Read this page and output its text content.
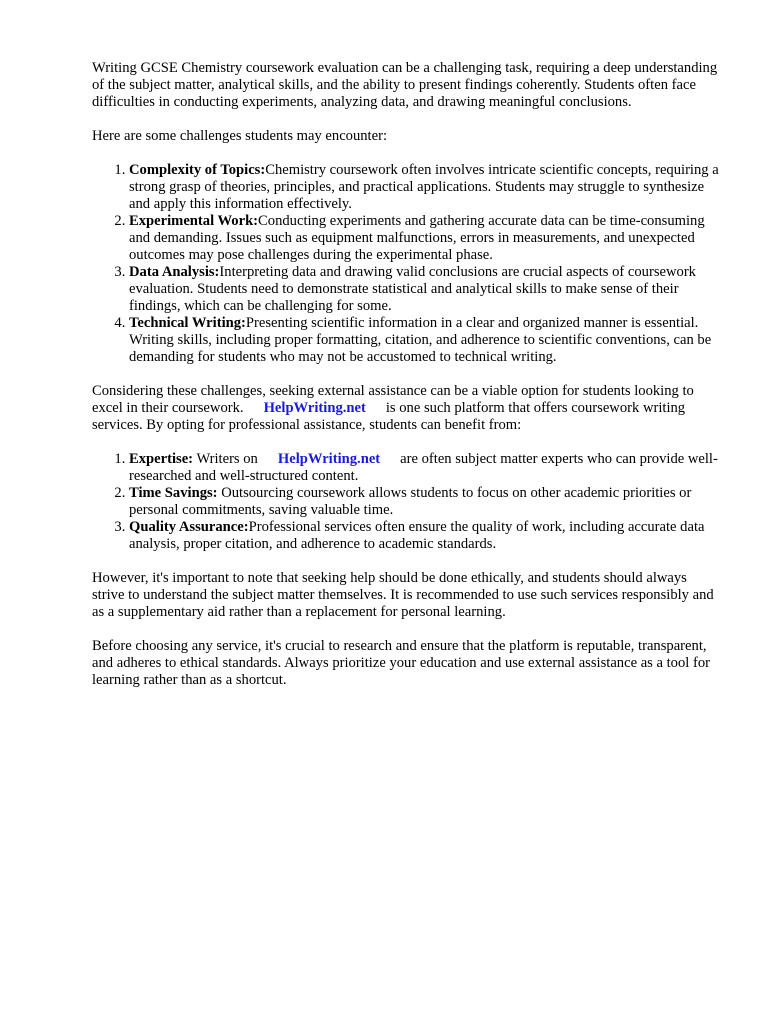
Writing GCSE Chemistry coursework evaluation can be a challenging task, requiring a deep understanding of the subject matter, analytical skills, and the ability to present findings coherently. Students often face difficulties in conducting experiments, analyzing data, and drawing meaningful conclusions.

Here are some challenges students may encounter:

1. Complexity of Topics:Chemistry coursework often involves intricate scientific concepts, requiring a strong grasp of theories, principles, and practical applications. Students may struggle to synthesize and apply this information effectively.
2. Experimental Work:Conducting experiments and gathering accurate data can be time-consuming and demanding. Issues such as equipment malfunctions, errors in measurements, and unexpected outcomes may pose challenges during the experimental phase.
3. Data Analysis:Interpreting data and drawing valid conclusions are crucial aspects of coursework evaluation. Students need to demonstrate statistical and analytical skills to make sense of their findings, which can be challenging for some.
4. Technical Writing:Presenting scientific information in a clear and organized manner is essential. Writing skills, including proper formatting, citation, and adherence to scientific conventions, can be demanding for students who may not be accustomed to technical writing.

Considering these challenges, seeking external assistance can be a viable option for students looking to excel in their coursework. HelpWriting.net is one such platform that offers coursework writing services. By opting for professional assistance, students can benefit from:

1. Expertise: Writers on HelpWriting.net are often subject matter experts who can provide well-researched and well-structured content.
2. Time Savings: Outsourcing coursework allows students to focus on other academic priorities or personal commitments, saving valuable time.
3. Quality Assurance:Professional services often ensure the quality of work, including accurate data analysis, proper citation, and adherence to academic standards.

However, it's important to note that seeking help should be done ethically, and students should always strive to understand the subject matter themselves. It is recommended to use such services responsibly and as a supplementary aid rather than a replacement for personal learning.

Before choosing any service, it's crucial to research and ensure that the platform is reputable, transparent, and adheres to ethical standards. Always prioritize your education and use external assistance as a tool for learning rather than as a shortcut.
